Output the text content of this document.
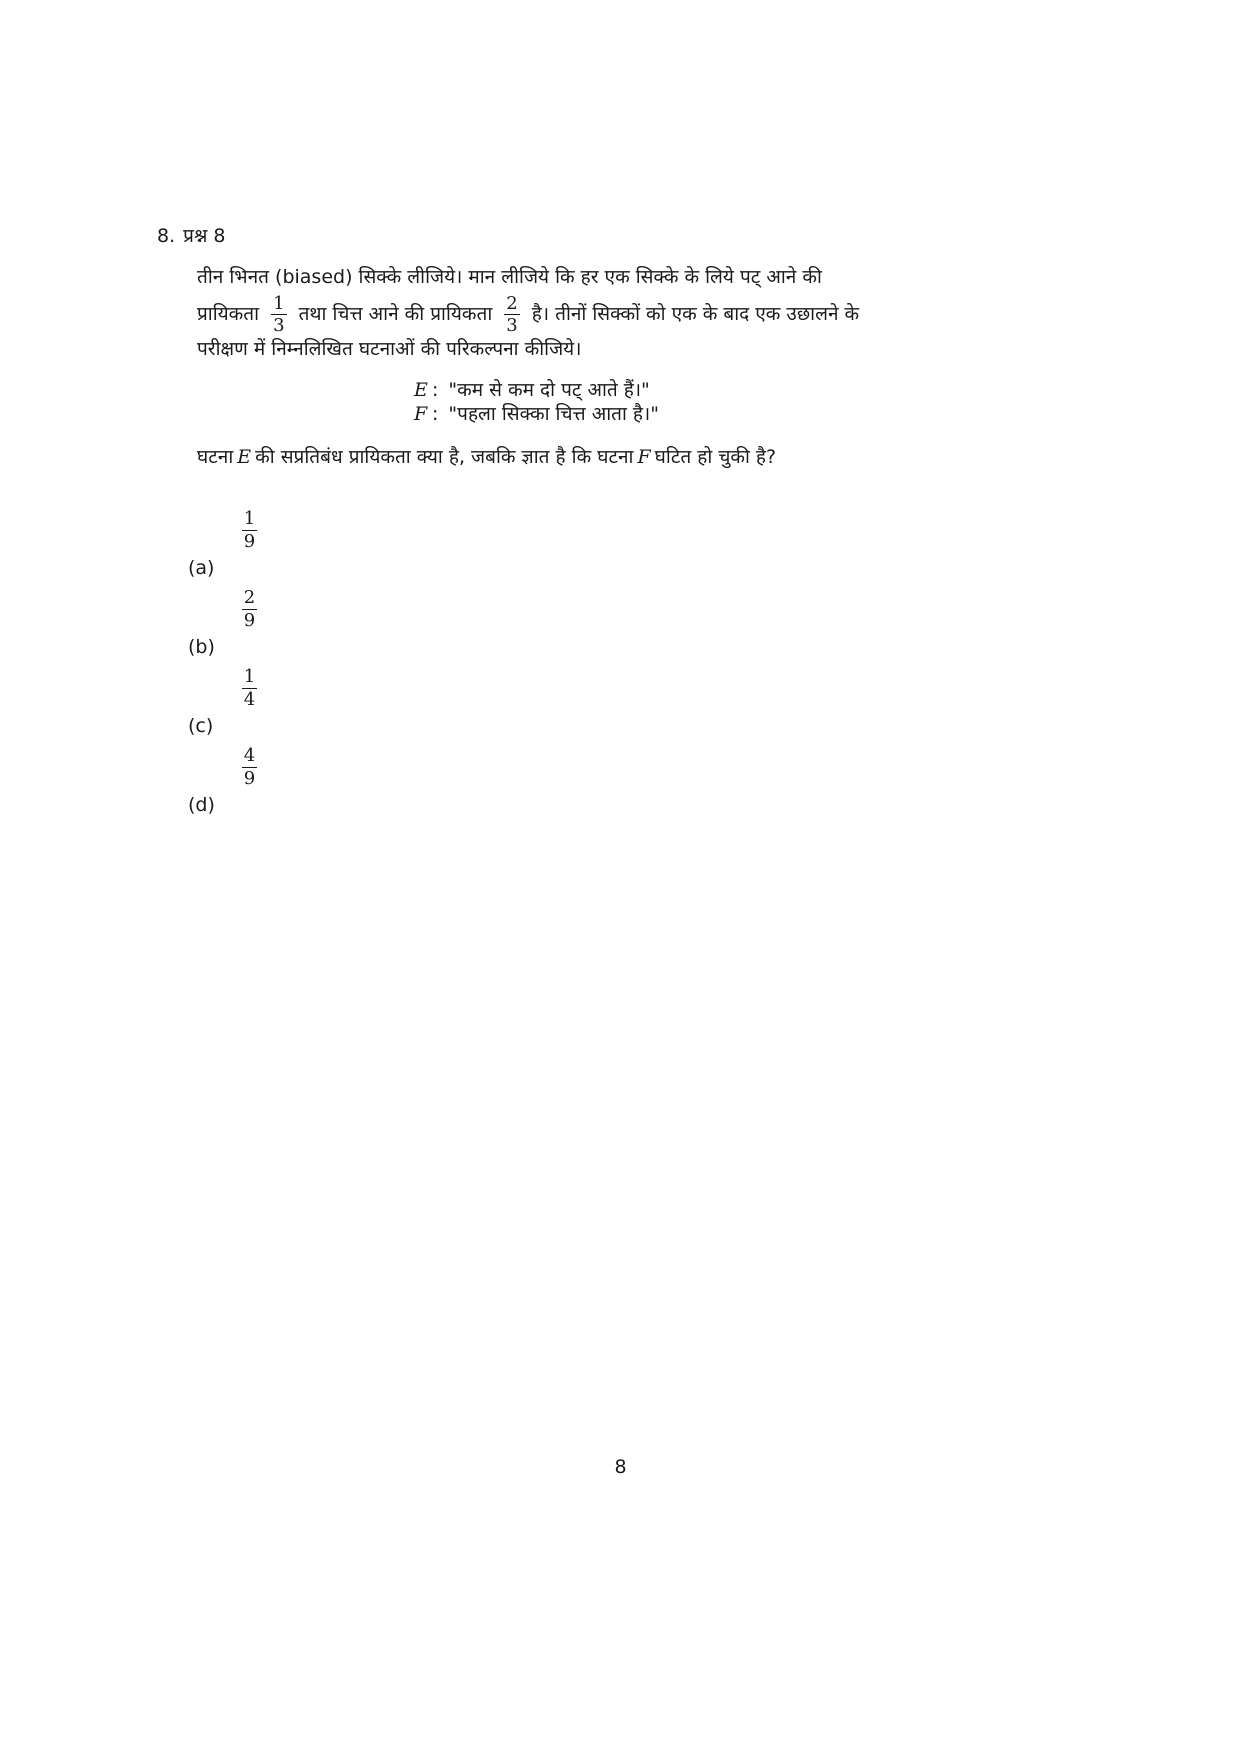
8. प्रश्न 8
तीन भिनत (biased) सिक्के लीजिये। मान लीजिये कि हर एक सिक्के के लिये पट् आने की
प्रायिकता $\frac{1}{3}$ तथा चित्त आने की प्रायिकता $\frac{2}{3}$ है। तीनों सिक्कों को एक के बाद एक उछालने के
परीक्षण में निम्नलिखित घटनाओं की परिकल्पना कीजिये।
E : "कम से कम दो पट् आते हैं।"
F : "पहला सिक्का चित्त आता है।"
घटना E की सप्रतिबंध प्रायिकता क्या है, जबकि ज्ञात है कि घटना F घटित हो चुकी है?
(a)
1
9
(b)
2
9
(c)
1
4
(d)
4
9
8
